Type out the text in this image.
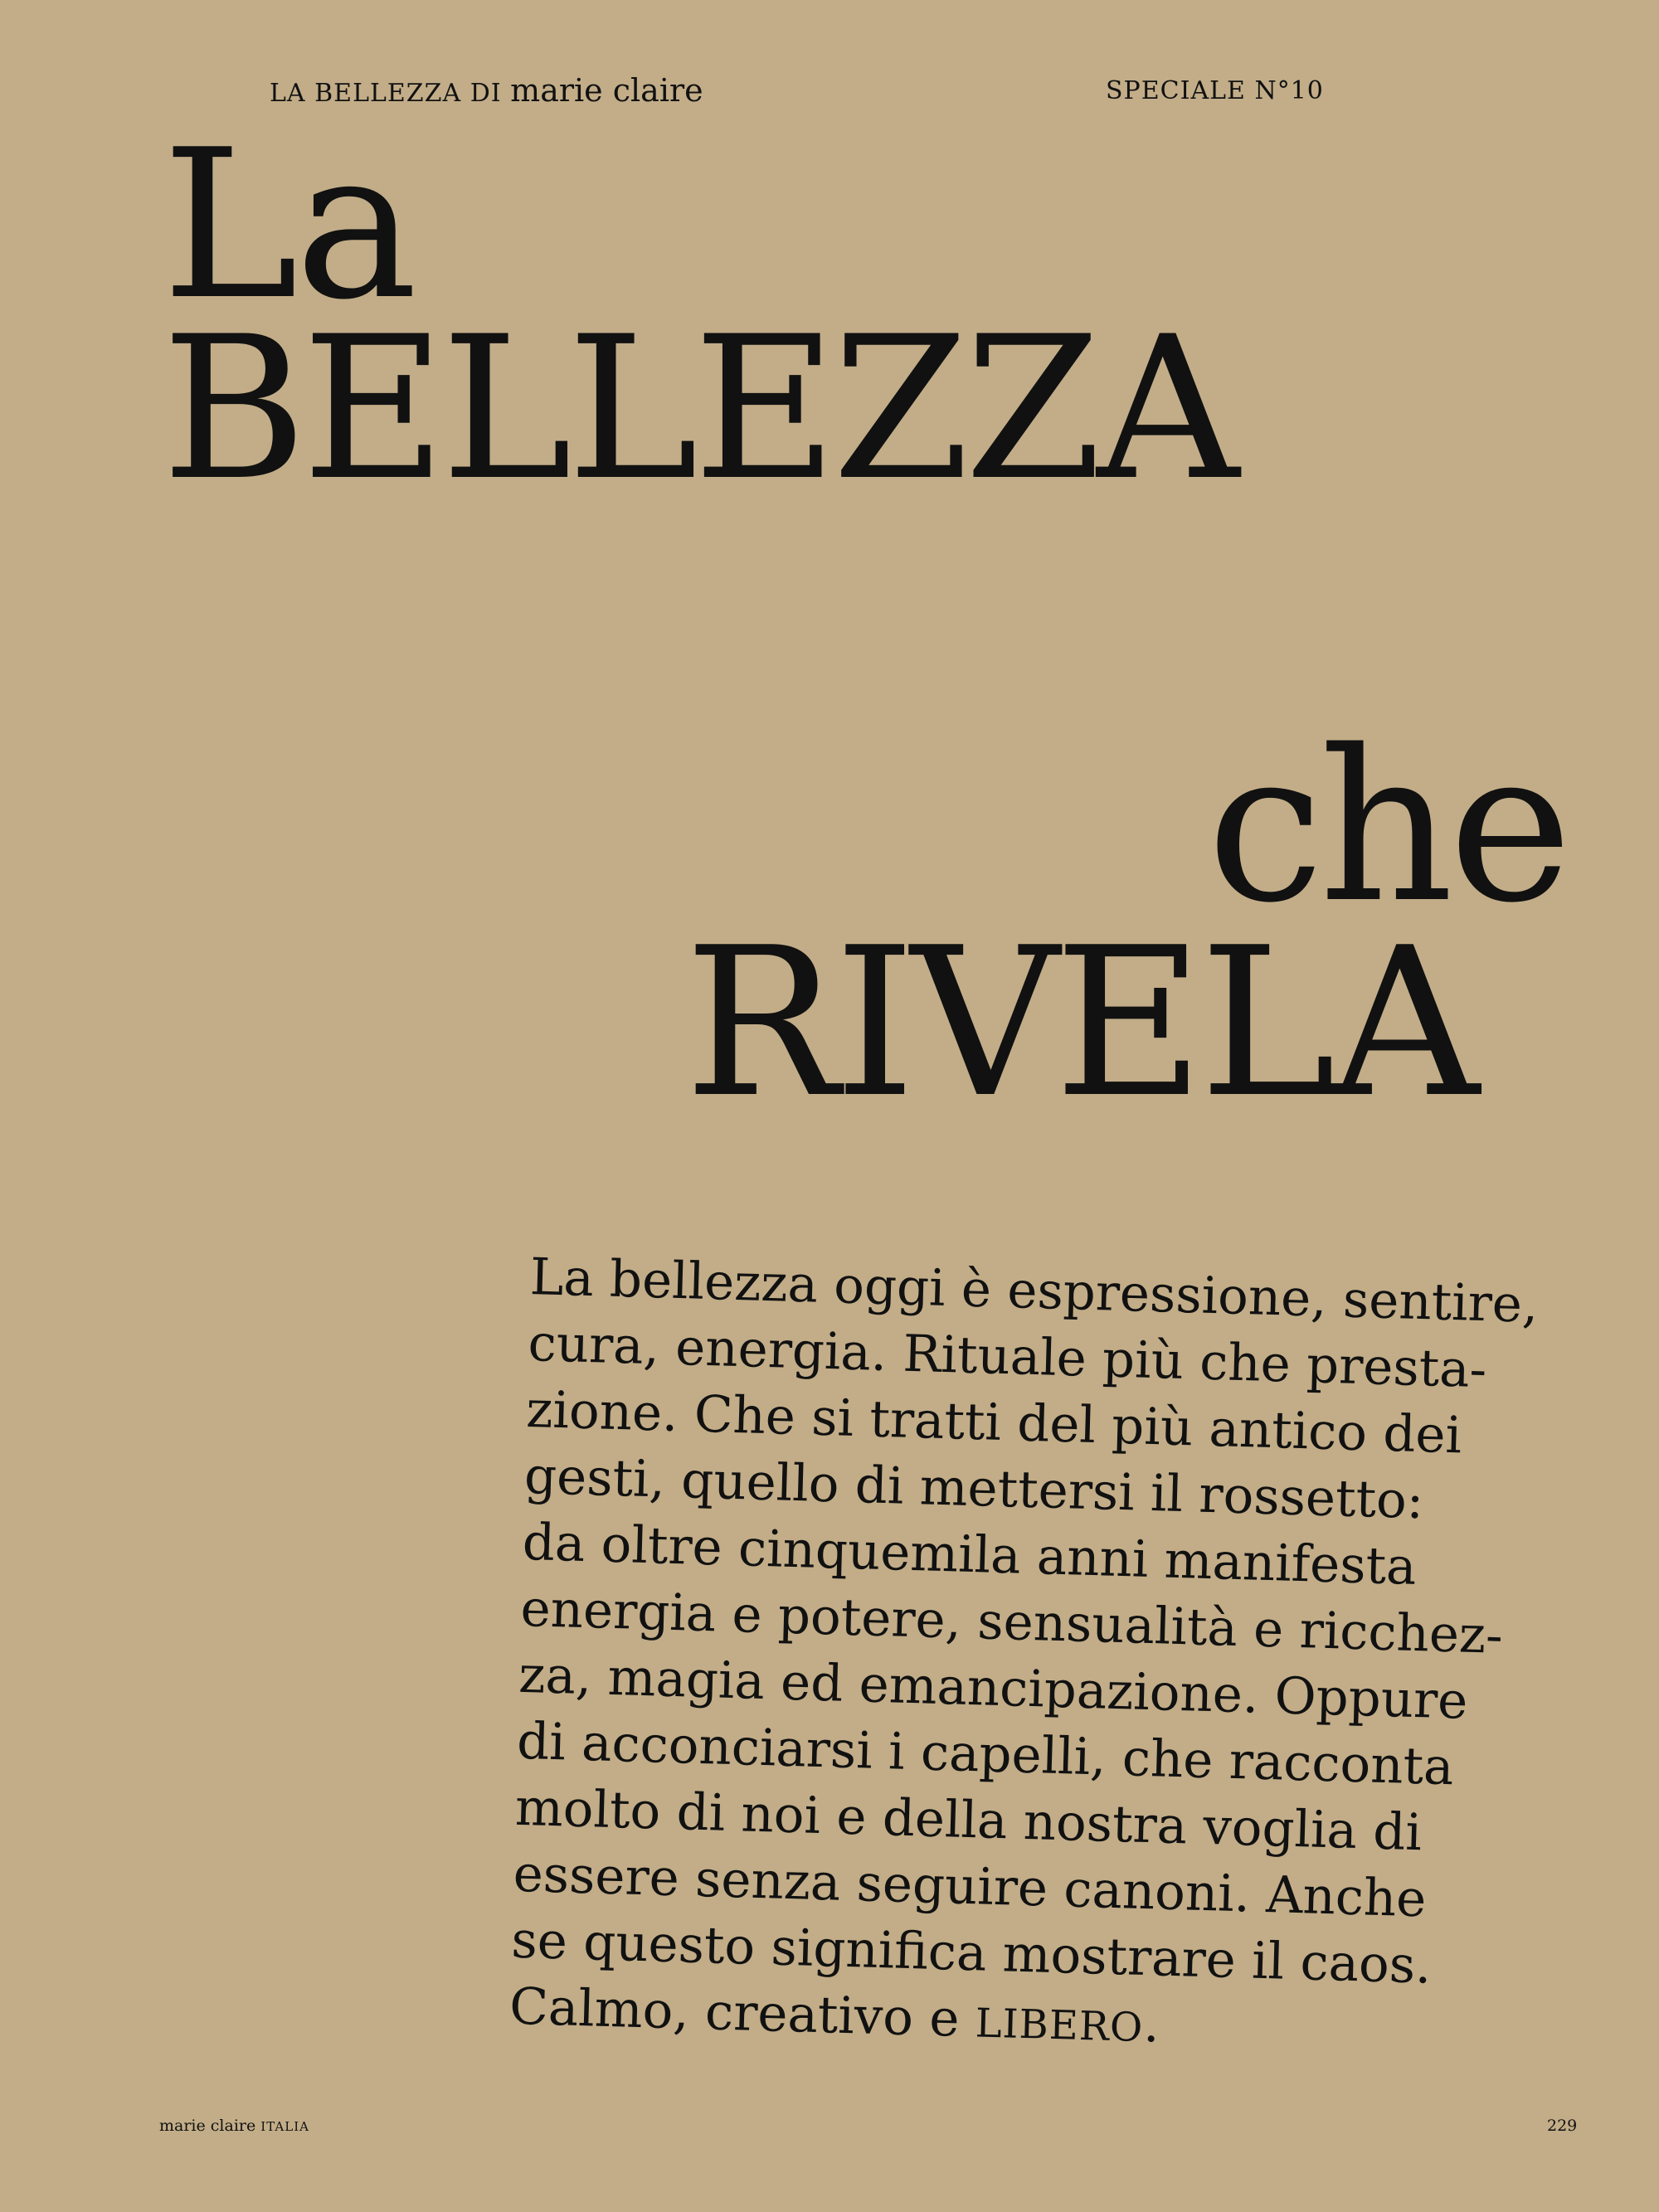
LA BELLEZZA DI marie claire	SPECIALE N°10
La
BELLEZZA
che
RIVELA
La bellezza oggi è espressione, sentire,
cura, energia. Rituale più che presta-
zione. Che si tratti del più antico dei
gesti, quello di mettersi il rossetto:
da oltre cinquemila anni manifesta
energia e potere, sensualità e ricchez-
za, magia ed emancipazione. Oppure
di acconciarsi i capelli, che racconta
molto di noi e della nostra voglia di
essere senza seguire canoni. Anche
se questo significa mostrare il caos.
Calmo, creativo e LIBERO.
marie claire ITALIA	229
